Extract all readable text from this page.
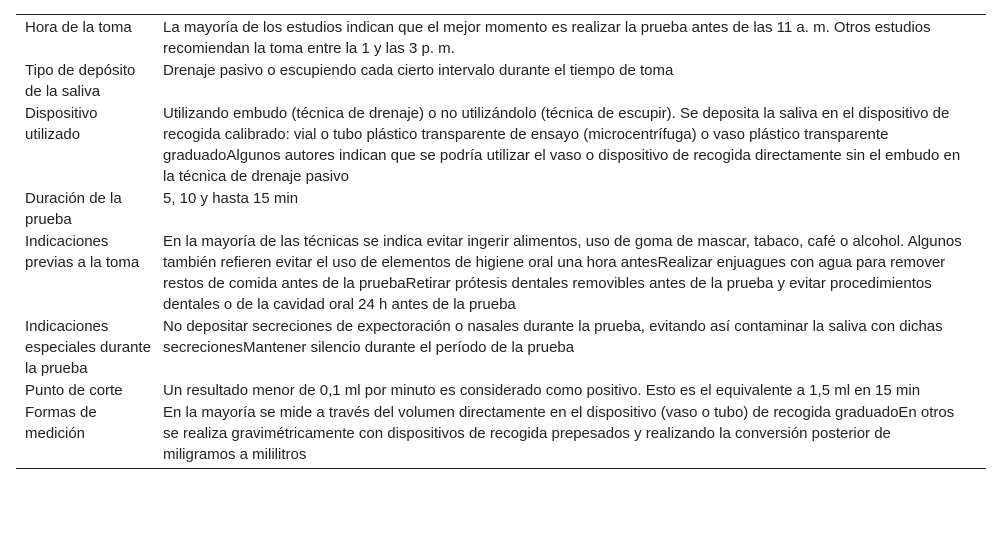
Hora de la toma	La mayoría de los estudios indican que el mejor momento es realizar la prueba antes de las 11 a. m. Otros estudios recomiendan la toma entre la 1 y las 3 p. m.
Tipo de depósito de la saliva	Drenaje pasivo o escupiendo cada cierto intervalo durante el tiempo de toma
Dispositivo utilizado	Utilizando embudo (técnica de drenaje) o no utilizándolo (técnica de escupir). Se deposita la saliva en el dispositivo de recogida calibrado: vial o tubo plástico transparente de ensayo (microcentrífuga) o vaso plástico transparente graduadoAlgunos autores indican que se podría utilizar el vaso o dispositivo de recogida directamente sin el embudo en la técnica de drenaje pasivo
Duración de la prueba	5, 10 y hasta 15 min
Indicaciones previas a la toma	En la mayoría de las técnicas se indica evitar ingerir alimentos, uso de goma de mascar, tabaco, café o alcohol. Algunos también refieren evitar el uso de elementos de higiene oral una hora antesRealizar enjuagues con agua para remover restos de comida antes de la pruebaRetirar prótesis dentales removibles antes de la prueba y evitar procedimientos dentales o de la cavidad oral 24 h antes de la prueba
Indicaciones especiales durante la prueba	No depositar secreciones de expectoración o nasales durante la prueba, evitando así contaminar la saliva con dichas secrecionesMantener silencio durante el período de la prueba
Punto de corte	Un resultado menor de 0,1 ml por minuto es considerado como positivo. Esto es el equivalente a 1,5 ml en 15 min
Formas de medición	En la mayoría se mide a través del volumen directamente en el dispositivo (vaso o tubo) de recogida graduadoEn otros se realiza gravimétricamente con dispositivos de recogida prepesados y realizando la conversión posterior de miligramos a mililitros
